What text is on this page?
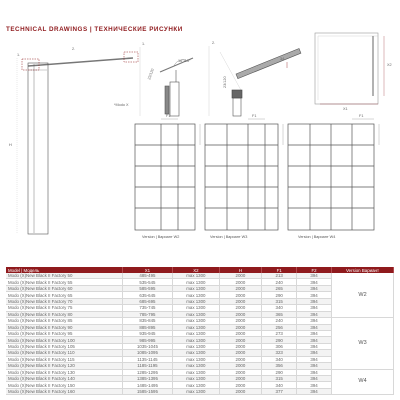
TECHNICAL DRAWINGS | ТЕХНИЧЕСКИЕ РИСУНКИ
1.
2.
*Modo X
H
1.
16°/15°
23/120
2.
34
23/120
X1
X2
F1
Version | Вариант W2
F1
Version | Вариант W3
F1
Version | Вариант W4
Model | Модель	X1	X2	H	F1	F2	Version Вариант
Modo (X)New Black II Factory 50	485-495	max 1300	2000	213	394	W2
Modo (X)New Black II Factory 55	535-545	max 1300	2000	240	394	
Modo (X)New Black II Factory 60	585-595	max 1300	2000	265	394	
Modo (X)New Black II Factory 65	635-645	max 1300	2000	290	394	
Modo (X)New Black II Factory 70	685-695	max 1300	2000	315	394	
Modo (X)New Black II Factory 75	735-745	max 1300	2000	340	394	
Modo (X)New Black II Factory 80	785-795	max 1300	2000	365	394	
Modo (X)New Black II Factory 85	835-845	max 1300	2000	240	394	W3
Modo (X)New Black II Factory 90	885-895	max 1300	2000	256	394	
Modo (X)New Black II Factory 95	935-945	max 1300	2000	273	394	
Modo (X)New Black II Factory 100	985-995	max 1300	2000	290	394	
Modo (X)New Black II Factory 105	1035-1045	max 1300	2000	306	394	
Modo (X)New Black II Factory 110	1085-1095	max 1300	2000	323	394	
Modo (X)New Black II Factory 115	1135-1145	max 1300	2000	340	394	
Modo (X)New Black II Factory 120	1185-1195	max 1300	2000	356	394	
Modo (X)New Black II Factory 130	1285-1295	max 1300	2000	290	394	W4
Modo (X)New Black II Factory 140	1385-1395	max 1300	2000	315	394	
Modo (X)New Black II Factory 150	1485-1495	max 1300	2000	340	394	
Modo (X)New Black II Factory 160	1585-1595	max 1300	2000	377	394	
